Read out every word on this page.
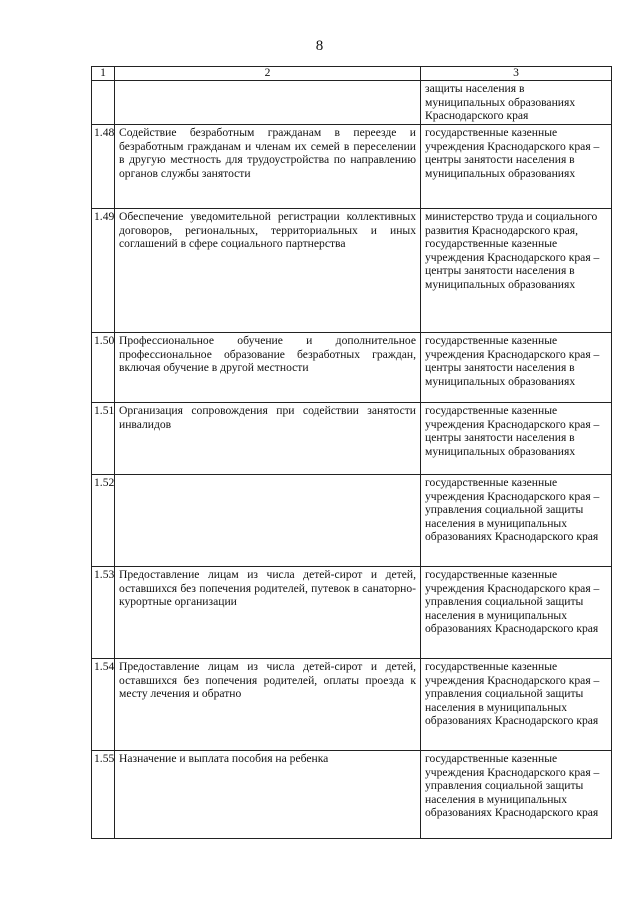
8
1	2	3
		защиты населения в муниципальных образованиях Краснодарского края
1.48	Содействие безработным гражданам в переезде и безработным гражданам и членам их семей в переселении в другую местность для трудоустройства по направлению органов службы занятости	государственные казенные учреждения Краснодарского края – центры занятости населения в муниципальных образованиях
1.49	Обеспечение уведомительной регистрации коллективных договоров, региональных, территориальных и иных соглашений в сфере социального партнерства	министерство труда и социального развития Краснодарского края, государственные казенные учреждения Краснодарского края – центры занятости населения в муниципальных образованиях
1.50	Профессиональное обучение и дополнительное профессиональное образование безработных граждан, включая обучение в другой местности	государственные казенные учреждения Краснодарского края – центры занятости населения в муниципальных образованиях
1.51	Организация сопровождения при содействии занятости инвалидов	государственные казенные учреждения Краснодарского края – центры занятости населения в муниципальных образованиях
1.52		государственные казенные учреждения Краснодарского края – управления социальной защиты населения в муниципальных образованиях Краснодарского края
1.53	Предоставление лицам из числа детей-сирот и детей, оставшихся без попечения родителей, путевок в санаторно-курортные организации	государственные казенные учреждения Краснодарского края – управления социальной защиты населения в муниципальных образованиях Краснодарского края
1.54	Предоставление лицам из числа детей-сирот и детей, оставшихся без попечения родителей, оплаты проезда к месту лечения и обратно	государственные казенные учреждения Краснодарского края – управления социальной защиты населения в муниципальных образованиях Краснодарского края
1.55	Назначение и выплата пособия на ребенка	государственные казенные учреждения Краснодарского края – управления социальной защиты населения в муниципальных образованиях Краснодарского края
